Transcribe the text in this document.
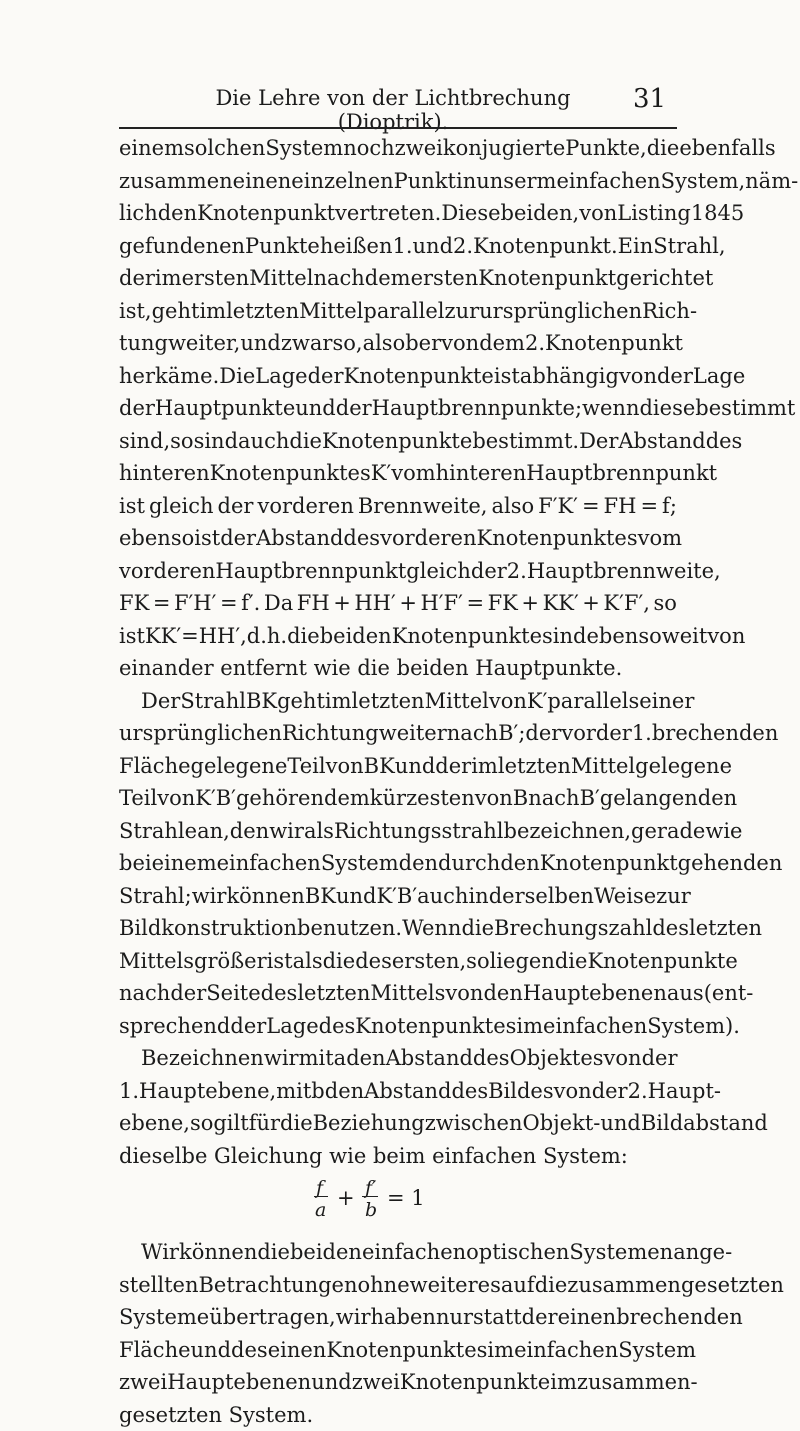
Die Lehre von der Lichtbrechung (Dioptrik).
31
einem solchen System noch zwei konjugierte Punkte, die ebenfalls
zusammen einen einzelnen Punkt in unserm einfachen System, näm-
lich den Knotenpunkt vertreten. Diese beiden, von Listing 1845
gefundenen Punkte heißen 1. und 2. Knotenpunkt. Ein Strahl,
der im ersten Mittel nach dem ersten Knotenpunkt gerichtet
ist, geht im letzten Mittel parallel zur ursprünglichen Rich-
tung weiter, und zwar so, als ob er von dem 2. Knotenpunkt
herkäme. Die Lage der Knotenpunkte ist abhängig von der Lage
der Hauptpunkte und der Hauptbrennpunkte; wenn diese bestimmt
sind, so sind auch die Knotenpunkte bestimmt. Der Abstand des
hinteren Knotenpunktes K′ vom hinteren Hauptbrennpunkt
ist gleich der vorderen Brennweite, also F′K′ = FH = f;
ebenso ist der Abstand des vorderen Knotenpunktes vom
vorderen Hauptbrennpunkt gleich der 2. Hauptbrennweite,
FK = F′H′ = f′. Da FH + HH′ + H′F′ = FK + KK′ + K′F′, so
ist KK′ = HH′, d. h. die beiden Knotenpunkte sind ebenso weit von
einander entfernt wie die beiden Hauptpunkte.
Der Strahl BK geht im letzten Mittel von K′ parallel seiner
ursprünglichen Richtung weiter nach B′; der vor der 1. brechenden
Fläche gelegene Teil von BK und der im letzten Mittel gelegene
Teil von K′B′ gehören dem kürzesten von B nach B′ gelangenden
Strahle an, den wir als Richtungsstrahl bezeichnen, gerade wie
bei einem einfachen System den durch den Knotenpunkt gehenden
Strahl; wir können BK und K′B′ auch in derselben Weise zur
Bildkonstruktion benutzen. Wenn die Brechungszahl des letzten
Mittels größer ist als die des ersten, so liegen die Knotenpunkte
nach der Seite des letzten Mittels von den Hauptebenen aus (ent-
sprechend der Lage des Knotenpunktes im einfachen System).
Bezeichnen wir mit a den Abstand des Objektes von der
1. Hauptebene, mit b den Abstand des Bildes von der 2. Haupt-
ebene, so gilt für die Beziehung zwischen Objekt- und Bildabstand
dieselbe Gleichung wie beim einfachen System:
f
a + f′
b = 1
Wir können die bei den einfachen optischen Systemen ange-
stellten Betrachtungen ohne weiteres auf die zusammengesetzten
Systeme übertragen, wir haben nur statt der einen brechenden
Fläche und des einen Knotenpunktes im einfachen System
zwei Hauptebenen und zwei Knotenpunkte im zusammen-
gesetzten System.
